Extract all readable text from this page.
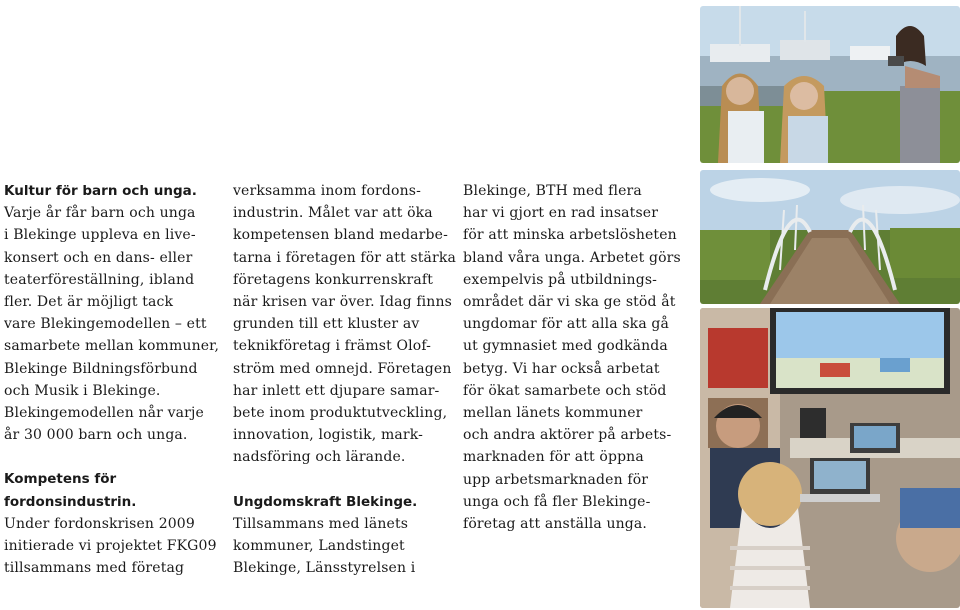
Kultur för barn och unga.

Varje år får barn och unga
i Blekinge uppleva en live-
konsert och en dans- eller
teaterföreställning, ibland
fler. Det är möjligt tack
vare Blekingemodellen – ett
samarbete mellan kommuner,
Blekinge Bildningsförbund
och Musik i Blekinge.
Blekingemodellen når varje
år 30 000 barn och unga.

Kompetens för
fordonsindustrin.

Under fordonskrisen 2009
initierade vi projektet FKG09
tillsammans med företag

verksamma inom fordons-
industrin. Målet var att öka
kompetensen bland medarbe-
tarna i företagen för att stärka
företagens konkurrenskraft
när krisen var över. Idag finns
grunden till ett kluster av
teknikföretag i främst Olof-
ström med omnejd. Företagen
har inlett ett djupare samar-
bete inom produktutveckling,
innovation, logistik, mark-
nadsföring och lärande.

Ungdomskraft Blekinge.

Tillsammans med länets
kommuner, Landstinget
Blekinge, Länsstyrelsen i

Blekinge, BTH med flera
har vi gjort en rad insatser
för att minska arbetslösheten
bland våra unga. Arbetet görs
exempelvis på utbildnings-
området där vi ska ge stöd åt
ungdomar för att alla ska gå
ut gymnasiet med godkända
betyg. Vi har också arbetat
för ökat samarbete och stöd
mellan länets kommuner
och andra aktörer på arbets-
marknaden för att öppna
upp arbetsmarknaden för
unga och få fler Blekinge-
företag att anställa unga.
